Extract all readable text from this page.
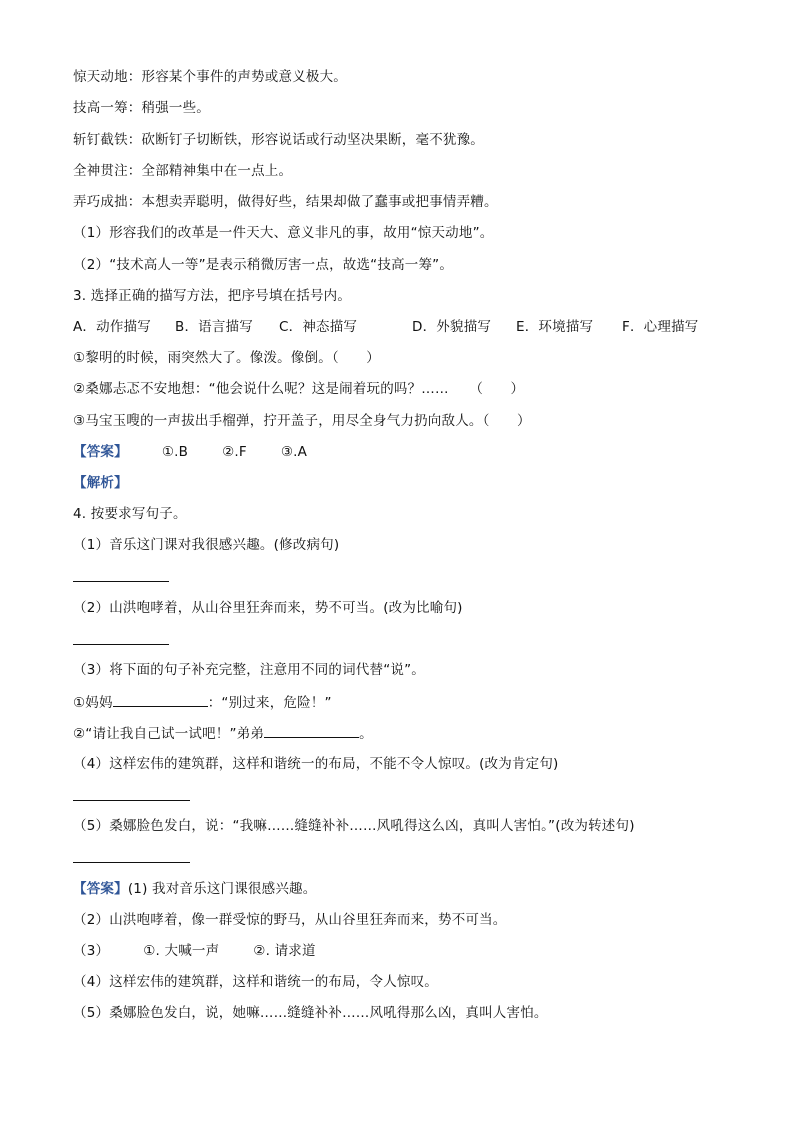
惊天动地：形容某个事件的声势或意义极大。
技高一筹：稍强一些。
斩钉截铁：砍断钉子切断铁，形容说话或行动坚决果断，毫不犹豫。
全神贯注：全部精神集中在一点上。
弄巧成拙：本想卖弄聪明，做得好些，结果却做了蠢事或把事情弄糟。
（1）形容我们的改革是一件天大、意义非凡的事，故用“惊天动地”。
（2）“技术高人一等”是表示稍微厉害一点，故选“技高一筹”。
3. 选择正确的描写方法，把序号填在括号内。
A．动作描写 B．语言描写 C．神态描写	D．外貌描写 E．环境描写 F．心理描写
①黎明的时候，雨突然大了。像泼。像倒。（　　）
②桑娜忐忑不安地想：“他会说什么呢？这是闹着玩的吗？……　　（　　）
③马宝玉嗖的一声拔出手榴弹，拧开盖子，用尽全身气力扔向敌人。（　　）
【答案】	①.B	②.F	③.A
【解析】
4. 按要求写句子。
（1）音乐这门课对我很感兴趣。(修改病句)
（2）山洪咆哮着，从山谷里狂奔而来，势不可当。(改为比喻句)
（3）将下面的句子补充完整，注意用不同的词代替“说”。
①妈妈	：“别过来，危险！”
②“请让我自己试一试吧！”弟弟	。
（4）这样宏伟的建筑群，这样和谐统一的布局，不能不令人惊叹。(改为肯定句)
（5）桑娜脸色发白，说：“我嘛……缝缝补补……风吼得这么凶，真叫人害怕。”(改为转述句)
【答案】(1) 我对音乐这门课很感兴趣。
（2）山洪咆哮着，像一群受惊的野马，从山谷里狂奔而来，势不可当。
（3）	①. 大喊一声	②. 请求道
（4）这样宏伟的建筑群，这样和谐统一的布局，令人惊叹。
（5）桑娜脸色发白，说，她嘛……缝缝补补……风吼得那么凶，真叫人害怕。
